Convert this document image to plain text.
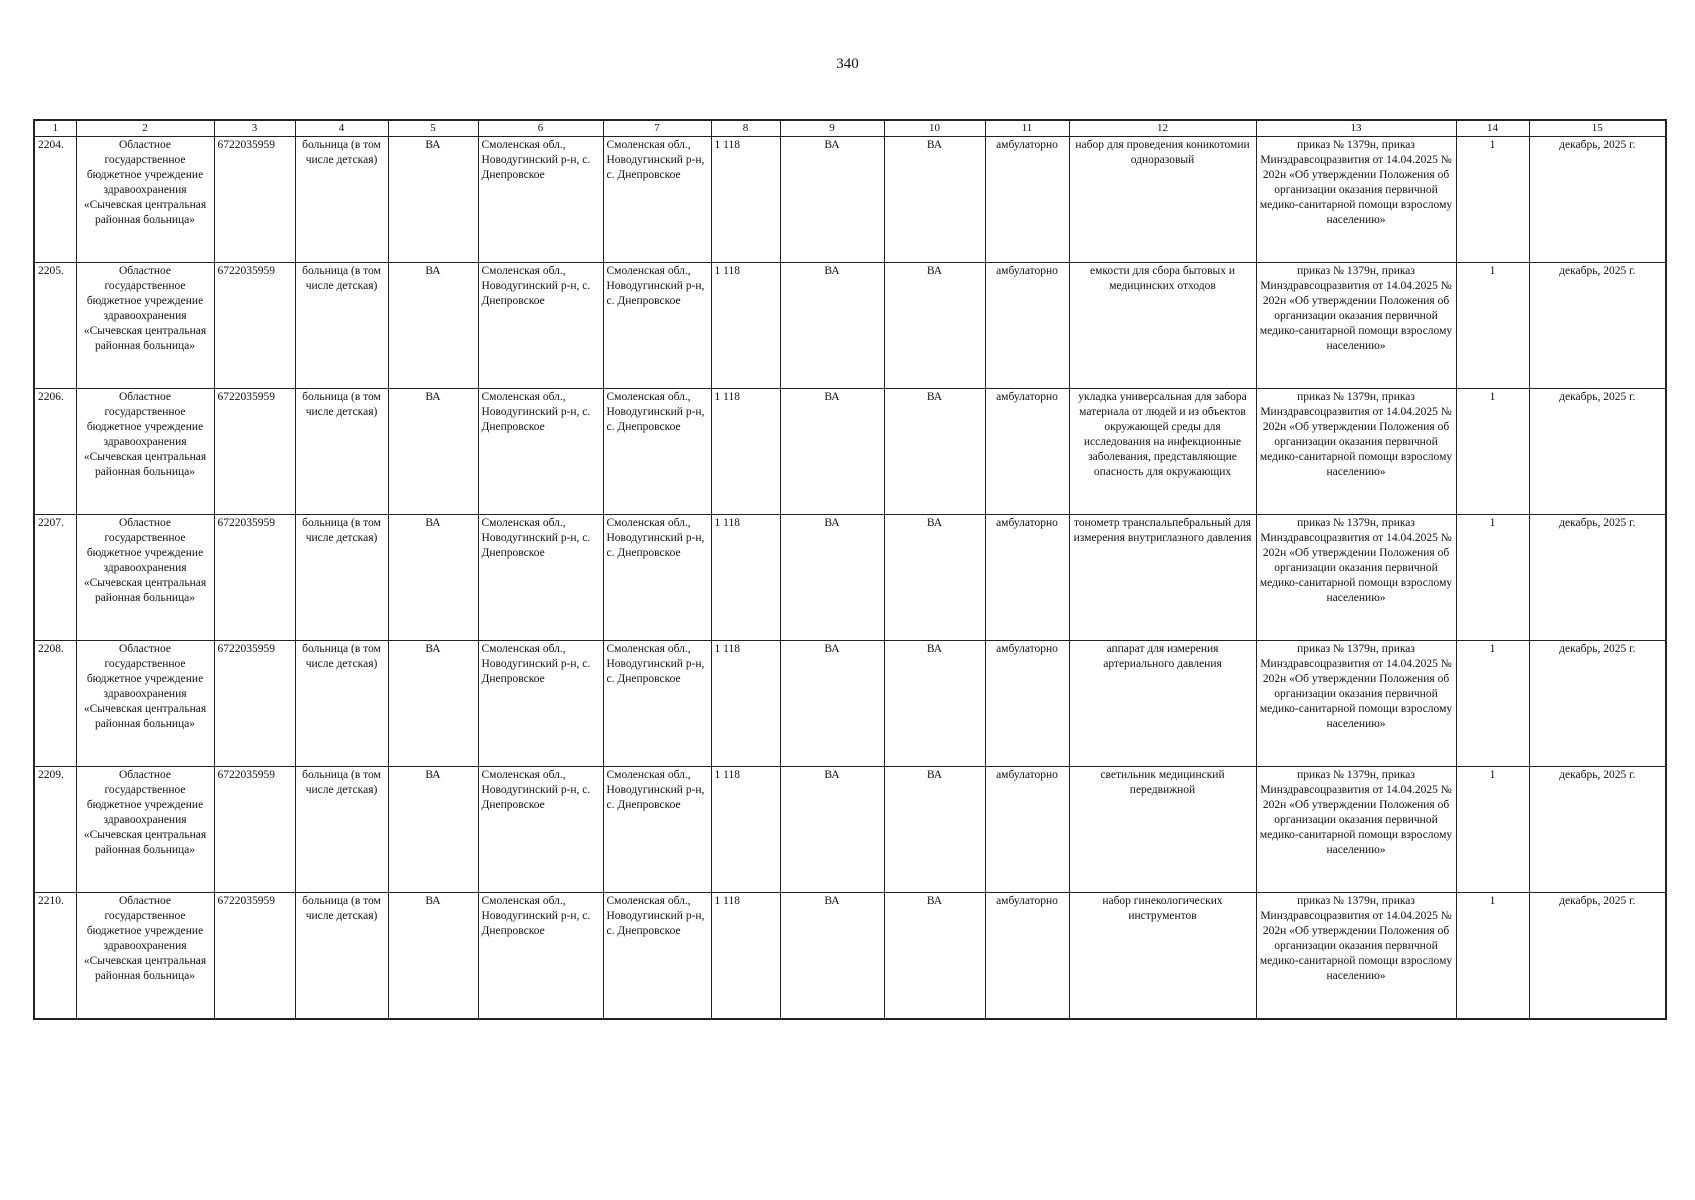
340
1	2	3	4	5	6	7	8	9	10	11	12	13	14	15
2204.	Областное государственное бюджетное учреждение здравоохранения «Сычевская центральная районная больница»	6722035959	больница (в том числе детская)	ВА	Смоленская обл., Новодугинский р-н, с. Днепровское	Смоленская обл., Новодугинский р-н, с. Днепровское	1 118	ВА	ВА	амбулаторно	набор для проведения коникотомии одноразовый	приказ № 1379н, приказ Минздравсоцразвития от 14.04.2025 № 202н «Об утверждении Положения об организации оказания первичной медико-санитарной помощи взрослому населению»	1	декабрь, 2025 г.
2205.	Областное государственное бюджетное учреждение здравоохранения «Сычевская центральная районная больница»	6722035959	больница (в том числе детская)	ВА	Смоленская обл., Новодугинский р-н, с. Днепровское	Смоленская обл., Новодугинский р-н, с. Днепровское	1 118	ВА	ВА	амбулаторно	емкости для сбора бытовых и медицинских отходов	приказ № 1379н, приказ Минздравсоцразвития от 14.04.2025 № 202н «Об утверждении Положения об организации оказания первичной медико-санитарной помощи взрослому населению»	1	декабрь, 2025 г.
2206.	Областное государственное бюджетное учреждение здравоохранения «Сычевская центральная районная больница»	6722035959	больница (в том числе детская)	ВА	Смоленская обл., Новодугинский р-н, с. Днепровское	Смоленская обл., Новодугинский р-н, с. Днепровское	1 118	ВА	ВА	амбулаторно	укладка универсальная для забора материала от людей и из объектов окружающей среды для исследования на инфекционные заболевания, представляющие опасность для окружающих	приказ № 1379н, приказ Минздравсоцразвития от 14.04.2025 № 202н «Об утверждении Положения об организации оказания первичной медико-санитарной помощи взрослому населению»	1	декабрь, 2025 г.
2207.	Областное государственное бюджетное учреждение здравоохранения «Сычевская центральная районная больница»	6722035959	больница (в том числе детская)	ВА	Смоленская обл., Новодугинский р-н, с. Днепровское	Смоленская обл., Новодугинский р-н, с. Днепровское	1 118	ВА	ВА	амбулаторно	тонометр транспальпебральный для измерения внутриглазного давления	приказ № 1379н, приказ Минздравсоцразвития от 14.04.2025 № 202н «Об утверждении Положения об организации оказания первичной медико-санитарной помощи взрослому населению»	1	декабрь, 2025 г.
2208.	Областное государственное бюджетное учреждение здравоохранения «Сычевская центральная районная больница»	6722035959	больница (в том числе детская)	ВА	Смоленская обл., Новодугинский р-н, с. Днепровское	Смоленская обл., Новодугинский р-н, с. Днепровское	1 118	ВА	ВА	амбулаторно	аппарат для измерения артериального давления	приказ № 1379н, приказ Минздравсоцразвития от 14.04.2025 № 202н «Об утверждении Положения об организации оказания первичной медико-санитарной помощи взрослому населению»	1	декабрь, 2025 г.
2209.	Областное государственное бюджетное учреждение здравоохранения «Сычевская центральная районная больница»	6722035959	больница (в том числе детская)	ВА	Смоленская обл., Новодугинский р-н, с. Днепровское	Смоленская обл., Новодугинский р-н, с. Днепровское	1 118	ВА	ВА	амбулаторно	светильник медицинский передвижной	приказ № 1379н, приказ Минздравсоцразвития от 14.04.2025 № 202н «Об утверждении Положения об организации оказания первичной медико-санитарной помощи взрослому населению»	1	декабрь, 2025 г.
2210.	Областное государственное бюджетное учреждение здравоохранения «Сычевская центральная районная больница»	6722035959	больница (в том числе детская)	ВА	Смоленская обл., Новодугинский р-н, с. Днепровское	Смоленская обл., Новодугинский р-н, с. Днепровское	1 118	ВА	ВА	амбулаторно	набор гинекологических инструментов	приказ № 1379н, приказ Минздравсоцразвития от 14.04.2025 № 202н «Об утверждении Положения об организации оказания первичной медико-санитарной помощи взрослому населению»	1	декабрь, 2025 г.
